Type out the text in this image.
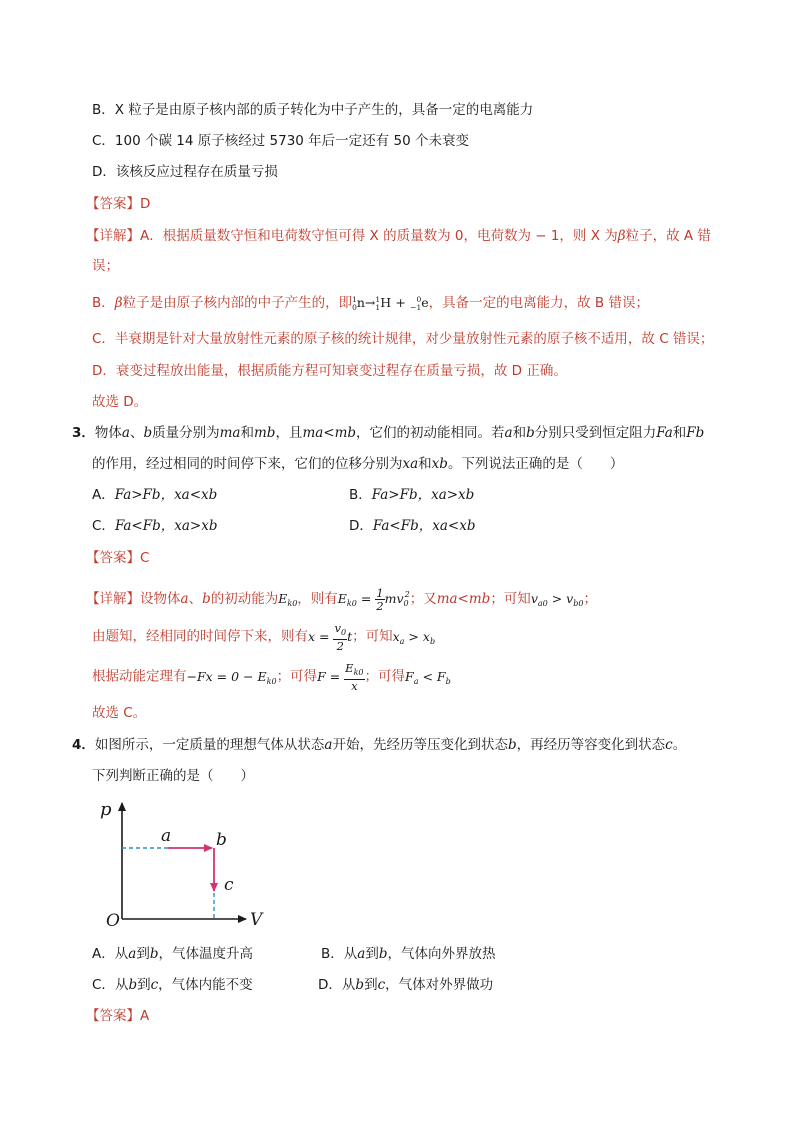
B．X 粒子是由原子核内部的质子转化为中子产生的，具备一定的电离能力
C．100 个碳 14 原子核经过 5730 年后一定还有 50 个未衰变
D．该核反应过程存在质量亏损
【答案】D
【详解】A．根据质量数守恒和电荷数守恒可得 X 的质量数为 0，电荷数为 − 1，则 X 为β粒子，故 A 错
误；
B．β粒子是由原子核内部的中子产生的，即 1
0 n→ 1
1 H +	0
−1 e，具备一定的电离能力，故 B 错误；
C．半衰期是针对大量放射性元素的原子核的统计规律，对少量放射性元素的原子核不适用，故 C 错误；
D．衰变过程放出能量，根据质能方程可知衰变过程存在质量亏损，故 D 正确。
故选 D。
3．物体a、b质量分别为ma和mb，且ma<mb，它们的初动能相同。若a和b分别只受到恒定阻力Fa和Fb
的作用，经过相同的时间停下来，它们的位移分别为xa和xb。下列说法正确的是（　　）
A．Fa>Fb，xa<xb	B．Fa>Fb，xa>xb
C．Fa<Fb，xa>xb	D．Fa<Fb，xa<xb
【答案】C
【详解】设物体a、b的初动能为$E_{k0}$，则有$E_{k0} = \frac{1}{2} mv_0^2$；又ma<mb；可知$v_{a0} > v_{b0}$；
由题知，经相同的时间停下来，则有$x = \frac{v_0}{2}$ t；可知$x_a > x_b$
根据动能定理有$-Fx = 0 - E_{k0}$；可得$F = \frac{E_{k0}}{x}$ ；可得$F_a < F_b$
故选 C。
4．如图所示，一定质量的理想气体从状态a开始，先经历等压变化到状态b，再经历等容变化到状态c。
下列判断正确的是（　　）
p
V
O
a	b
c
A．从a到b，气体温度升高	B．从a到b，气体向外界放热
C．从b到c，气体内能不变	D．从b到c，气体对外界做功
【答案】A
